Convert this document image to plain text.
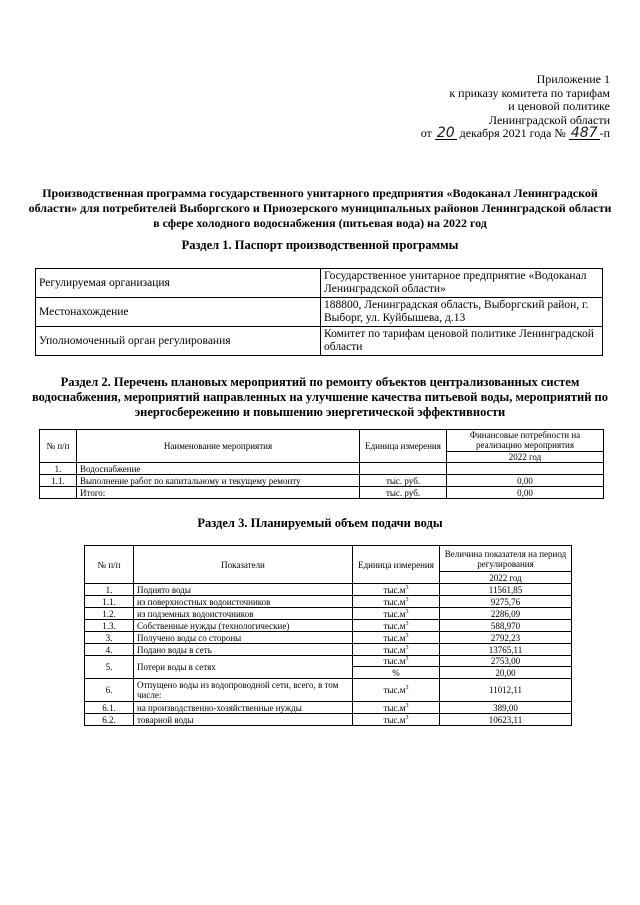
Приложение 1
к приказу комитета по тарифам
и ценовой политике
Ленинградской области
от 20 декабря 2021 года № 487 -п
Производственная программа государственного унитарного предприятия «Водоканал Ленинградской области» для потребителей Выборгского и Приозерского муниципальных районов Ленинградской области в сфере холодного водоснабжения (питьевая вода) на 2022 год
Раздел 1. Паспорт производственной программы
Регулируемая организация	Государственное унитарное предприятие «Водоканал Ленинградской области»
Местонахождение	188800, Ленинградская область, Выборгский район, г. Выборг, ул. Куйбышева, д.13
Уполномоченный орган регулирования	Комитет по тарифам ценовой политике Ленинградской области
Раздел 2. Перечень плановых мероприятий по ремонту объектов централизованных систем водоснабжения, мероприятий направленных на улучшение качества питьевой воды, мероприятий по энергосбережению и повышению энергетической эффективности
№ п/п	Наименование мероприятия	Единица измерения	Финансовые потребности на реализацию мероприятия
			2022 год
1.	Водоснабжение		
1.1.	Выполнение работ по капитальному и текущему ремонту	тыс. руб.	0,00
	Итого:	тыс. руб.	0,00
Раздел 3. Планируемый объем подачи воды
№ п/п	Показатели	Единица измерения	Величина показателя на период регулирования
			2022 год
1.	Поднято воды	$тыс.м^3$	11561,85
1.1.	из поверхностных водоисточников	$тыс.м^3$	9275,76
1.2.	из подземных водоисточников	$тыс.м^3$	2286,09
1.3.	Собственные нужды (технологические)	$тыс.м^3$	588,970
3.	Получено воды со стороны	$тыс.м^3$	2792,23
4.	Подано воды в сеть	$тыс.м^3$	13765,11
5.	Потери воды в сетях	$тыс.м^3$	2753,00
		%	20,00
6.	Отпущено воды из водопроводной сети, всего, в том числе:	$тыс.м^3$	11012,11
6.1.	на производственно-хозяйственные нужды	$тыс.м^3$	389,00
6.2.	товарной воды	$тыс.м^3$	10623,11
